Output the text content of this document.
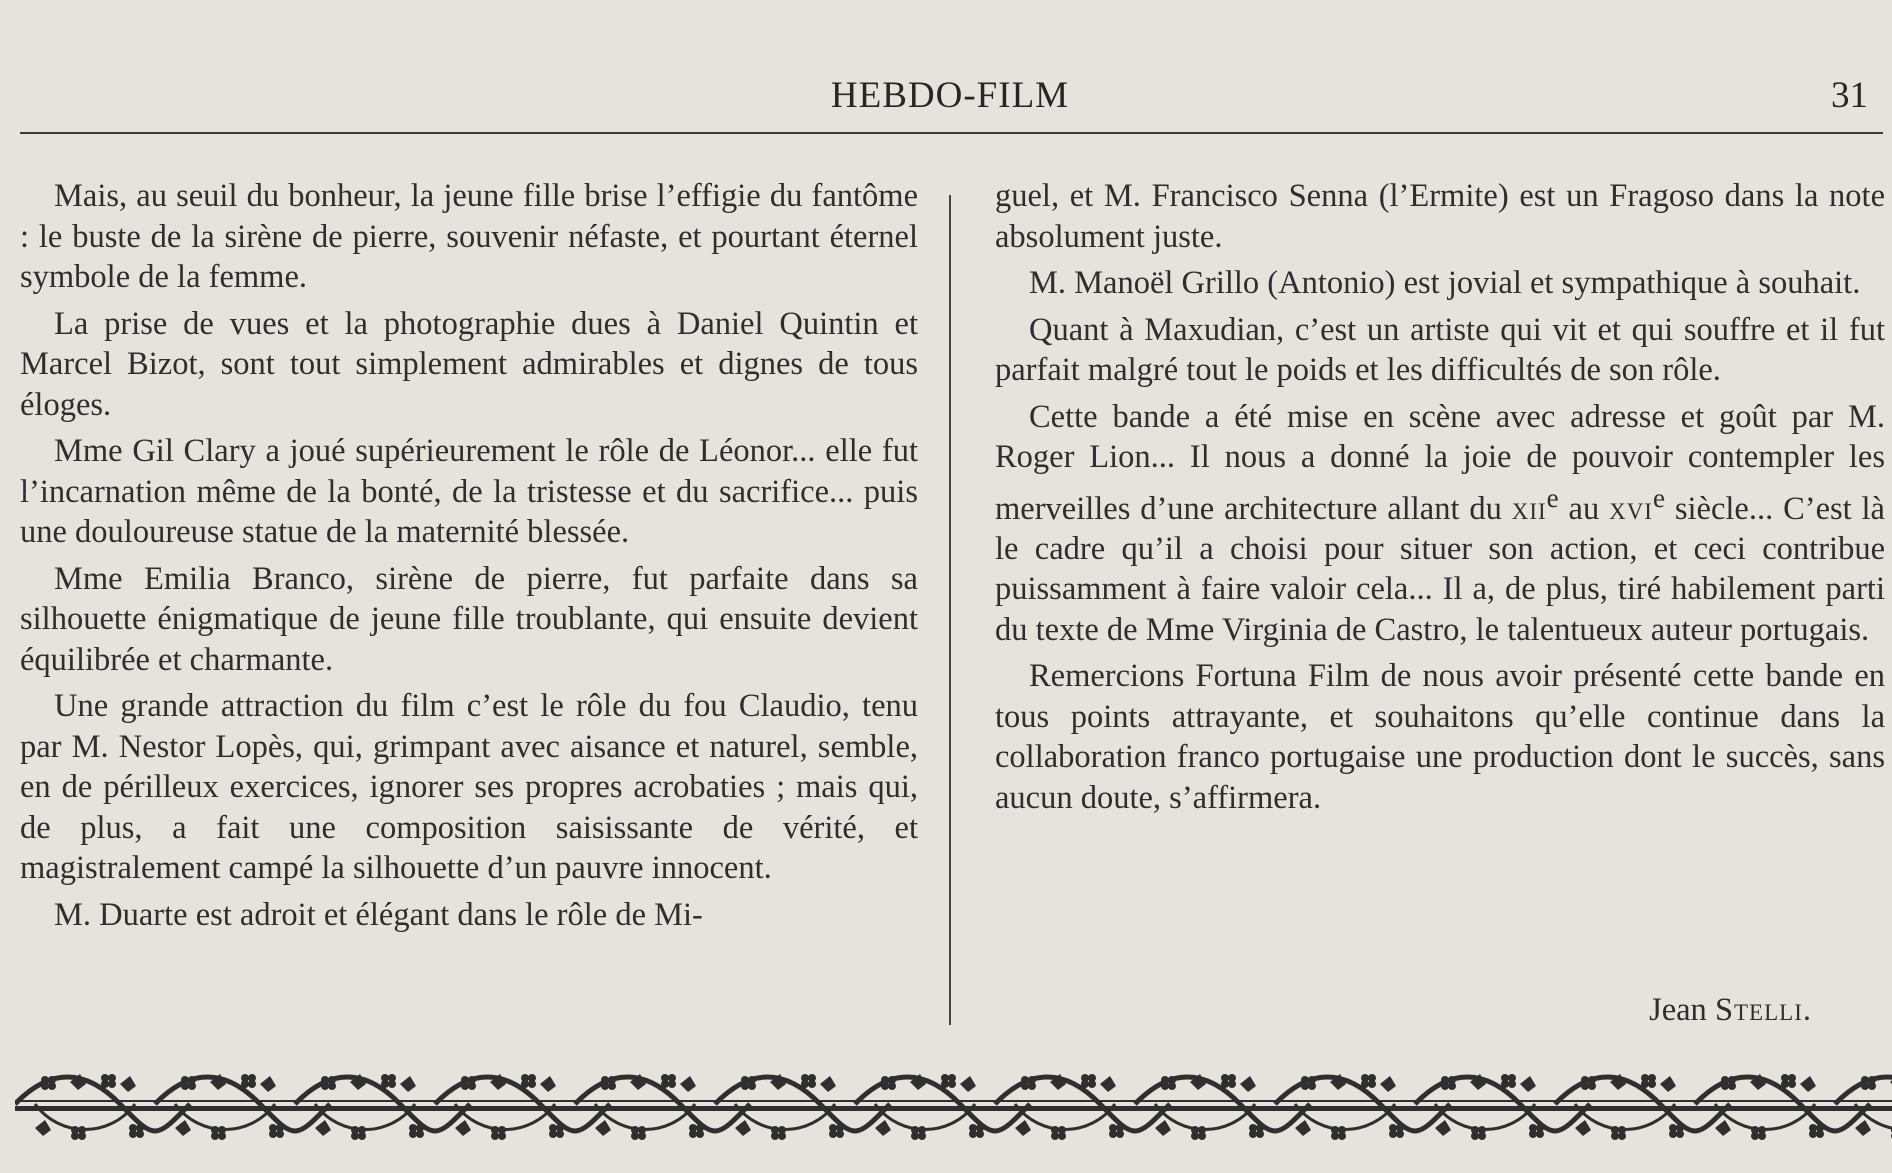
HEBDO-FILM	31

Mais, au seuil du bonheur, la jeune fille brise l’effigie du fantôme : le buste de la sirène de pierre, souvenir néfaste, et pourtant éternel symbole de la femme.

La prise de vues et la photographie dues à Daniel Quintin et Marcel Bizot, sont tout simplement admirables et dignes de tous éloges.

Mme Gil Clary a joué supérieurement le rôle de Léonor... elle fut l’incarnation même de la bonté, de la tristesse et du sacrifice... puis une douloureuse statue de la maternité blessée.

Mme Emilia Branco, sirène de pierre, fut parfaite dans sa silhouette énigmatique de jeune fille troublante, qui ensuite devient équilibrée et charmante.

Une grande attraction du film c’est le rôle du fou Claudio, tenu par M. Nestor Lopès, qui, grimpant avec aisance et naturel, semble, en de périlleux exercices, ignorer ses propres acrobaties ; mais qui, de plus, a fait une composition saisissante de vérité, et magistralement campé la silhouette d’un pauvre innocent.

M. Duarte est adroit et élégant dans le rôle de Mi-

guel, et M. Francisco Senna (l’Ermite) est un Fragoso dans la note absolument juste.

M. Manoël Grillo (Antonio) est jovial et sympathique à souhait.

Quant à Maxudian, c’est un artiste qui vit et qui souffre et il fut parfait malgré tout le poids et les difficultés de son rôle.

Cette bande a été mise en scène avec adresse et goût par M. Roger Lion... Il nous a donné la joie de pouvoir contempler les merveilles d’une architecture allant du xii$^e$ au xvi$^e$ siècle... C’est là le cadre qu’il a choisi pour situer son action, et ceci contribue puissamment à faire valoir cela... Il a, de plus, tiré habilement parti du texte de Mme Virginia de Castro, le talentueux auteur portugais.

Remercions Fortuna Film de nous avoir présenté cette bande en tous points attrayante, et souhaitons qu’elle continue dans la collaboration franco portugaise une production dont le succès, sans aucun doute, s’affirmera.

Jean Stelli.
